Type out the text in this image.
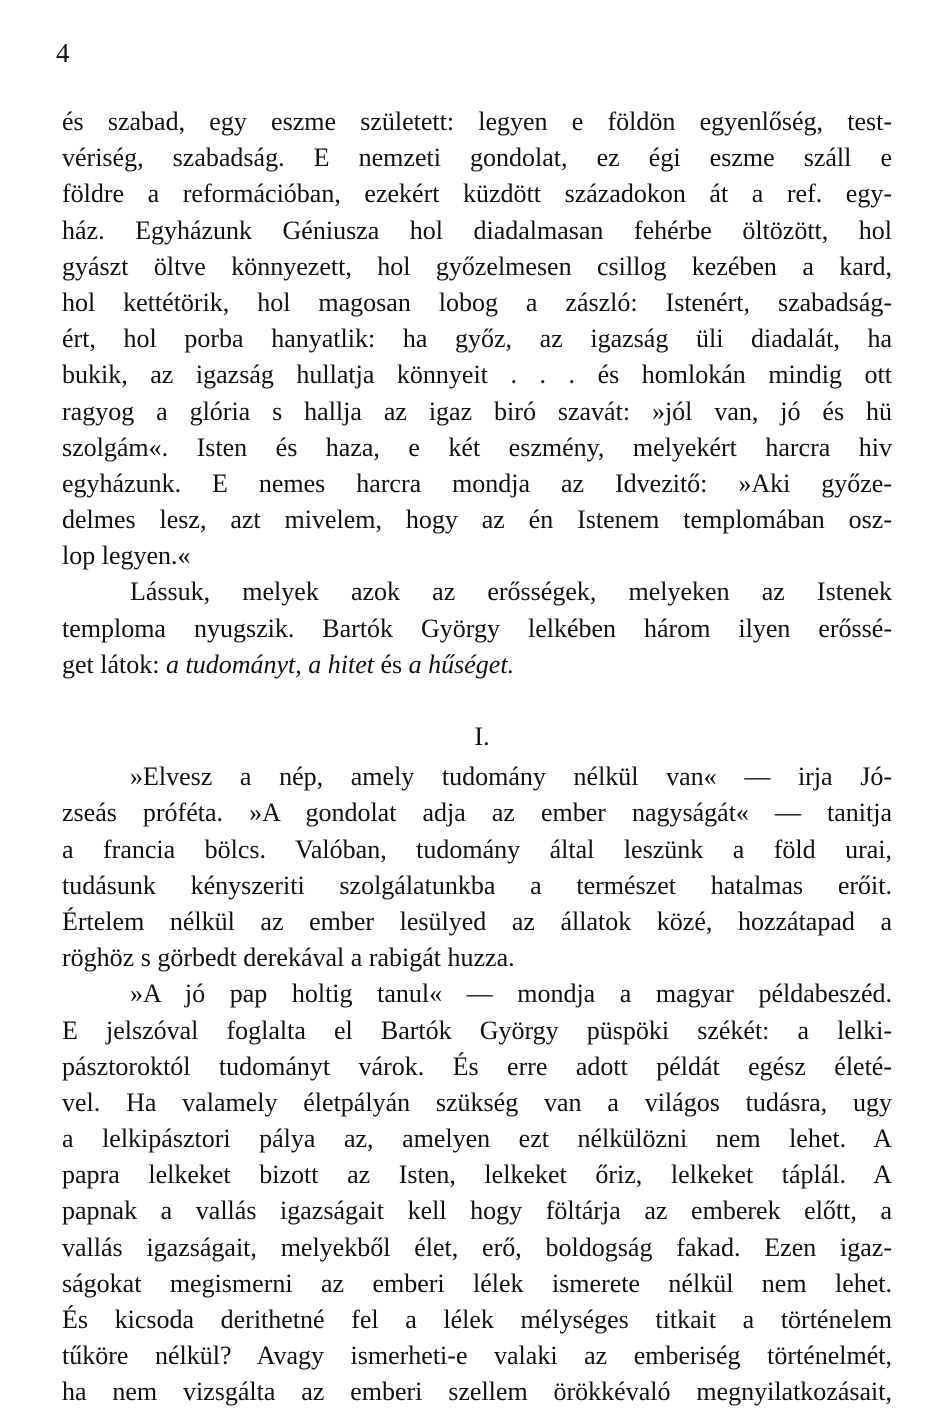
4
és szabad, egy eszme született: legyen e földön egyenlőség, test-
vériség, szabadság. E nemzeti gondolat, ez égi eszme száll e
földre a reformációban, ezekért küzdött századokon át a ref. egy-
ház. Egyházunk Géniusza hol diadalmasan fehérbe öltözött, hol
gyászt öltve könnyezett, hol győzelmesen csillog kezében a kard,
hol kettétörik, hol magosan lobog a zászló: Istenért, szabadság-
ért, hol porba hanyatlik: ha győz, az igazság üli diadalát, ha
bukik, az igazság hullatja könnyeit . . . és homlokán mindig ott
ragyog a glória s hallja az igaz biró szavát: »jól van, jó és hü
szolgám«. Isten és haza, e két eszmény, melyekért harcra hiv
egyházunk. E nemes harcra mondja az Idvezitő: »Aki győze-
delmes lesz, azt mivelem, hogy az én Istenem templomában osz-
lop legyen.«
Lássuk, melyek azok az erősségek, melyeken az Istenek
temploma nyugszik. Bartók György lelkében három ilyen erőssé-
get látok: a tudományt, a hitet és a hűséget.
I.
»Elvesz a nép, amely tudomány nélkül van« — irja Jó-
zseás próféta. »A gondolat adja az ember nagyságát« — tanitja
a francia bölcs. Valóban, tudomány által leszünk a föld urai,
tudásunk kényszeriti szolgálatunkba a természet hatalmas erőit.
Értelem nélkül az ember lesülyed az állatok közé, hozzátapad a
röghöz s görbedt derekával a rabigát huzza.
»A jó pap holtig tanul« — mondja a magyar példabeszéd.
E jelszóval foglalta el Bartók György püspöki székét: a lelki-
pásztoroktól tudományt várok. És erre adott példát egész életé-
vel. Ha valamely életpályán szükség van a világos tudásra, ugy
a lelkipásztori pálya az, amelyen ezt nélkülözni nem lehet. A
papra lelkeket bizott az Isten, lelkeket őriz, lelkeket táplál. A
papnak a vallás igazságait kell hogy föltárja az emberek előtt, a
vallás igazságait, melyekből élet, erő, boldogság fakad. Ezen igaz-
ságokat megismerni az emberi lélek ismerete nélkül nem lehet.
És kicsoda derithetné fel a lélek mélységes titkait a történelem
tűköre nélkül? Avagy ismerheti-e valaki az emberiség történelmét,
ha nem vizsgálta az emberi szellem örökkévaló megnyilatkozásait,
